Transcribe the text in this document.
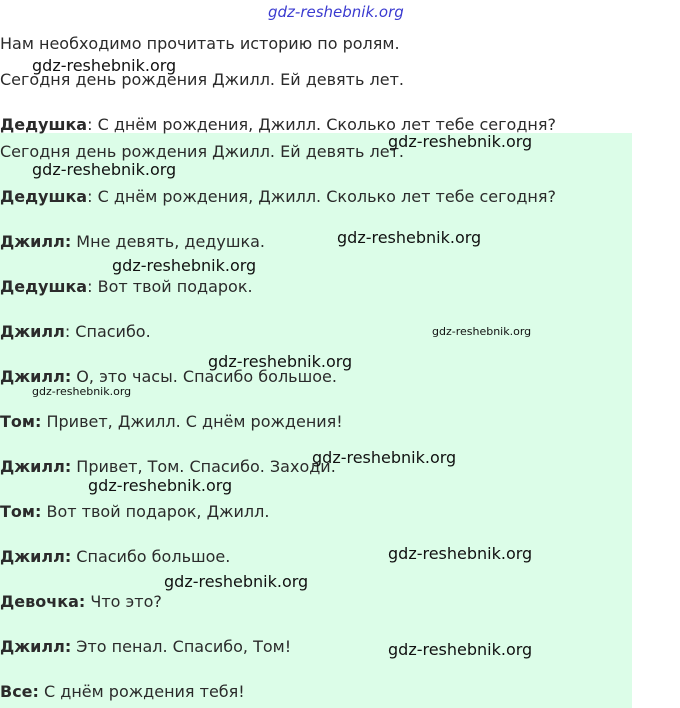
gdz-reshebnik.org
Нам необходимо прочитать историю по ролям.
Сегодня день рождения Джилл. Ей девять лет.
Дедушка: С днём рождения, Джилл. Сколько лет тебе сегодня?
Сегодня день рождения Джилл. Ей девять лет.
Дедушка: С днём рождения, Джилл. Сколько лет тебе сегодня?
Джилл: Мне девять, дедушка.
Дедушка: Вот твой подарок.
Джилл: Спасибо.
Джилл: О, это часы. Спасибо большое.
Том: Привет, Джилл. С днём рождения!
Джилл: Привет, Том. Спасибо. Заходи.
Том: Вот твой подарок, Джилл.
Джилл: Спасибо большое.
Девочка: Что это?
Джилл: Это пенал. Спасибо, Том!
Все: С днём рождения тебя!
gdz-reshebnik.org
gdz-reshebnik.org
gdz-reshebnik.org
gdz-reshebnik.org
gdz-reshebnik.org
gdz-reshebnik.org
gdz-reshebnik.org
gdz-reshebnik.org
gdz-reshebnik.org
gdz-reshebnik.org
gdz-reshebnik.org
gdz-reshebnik.org
gdz-reshebnik.org
